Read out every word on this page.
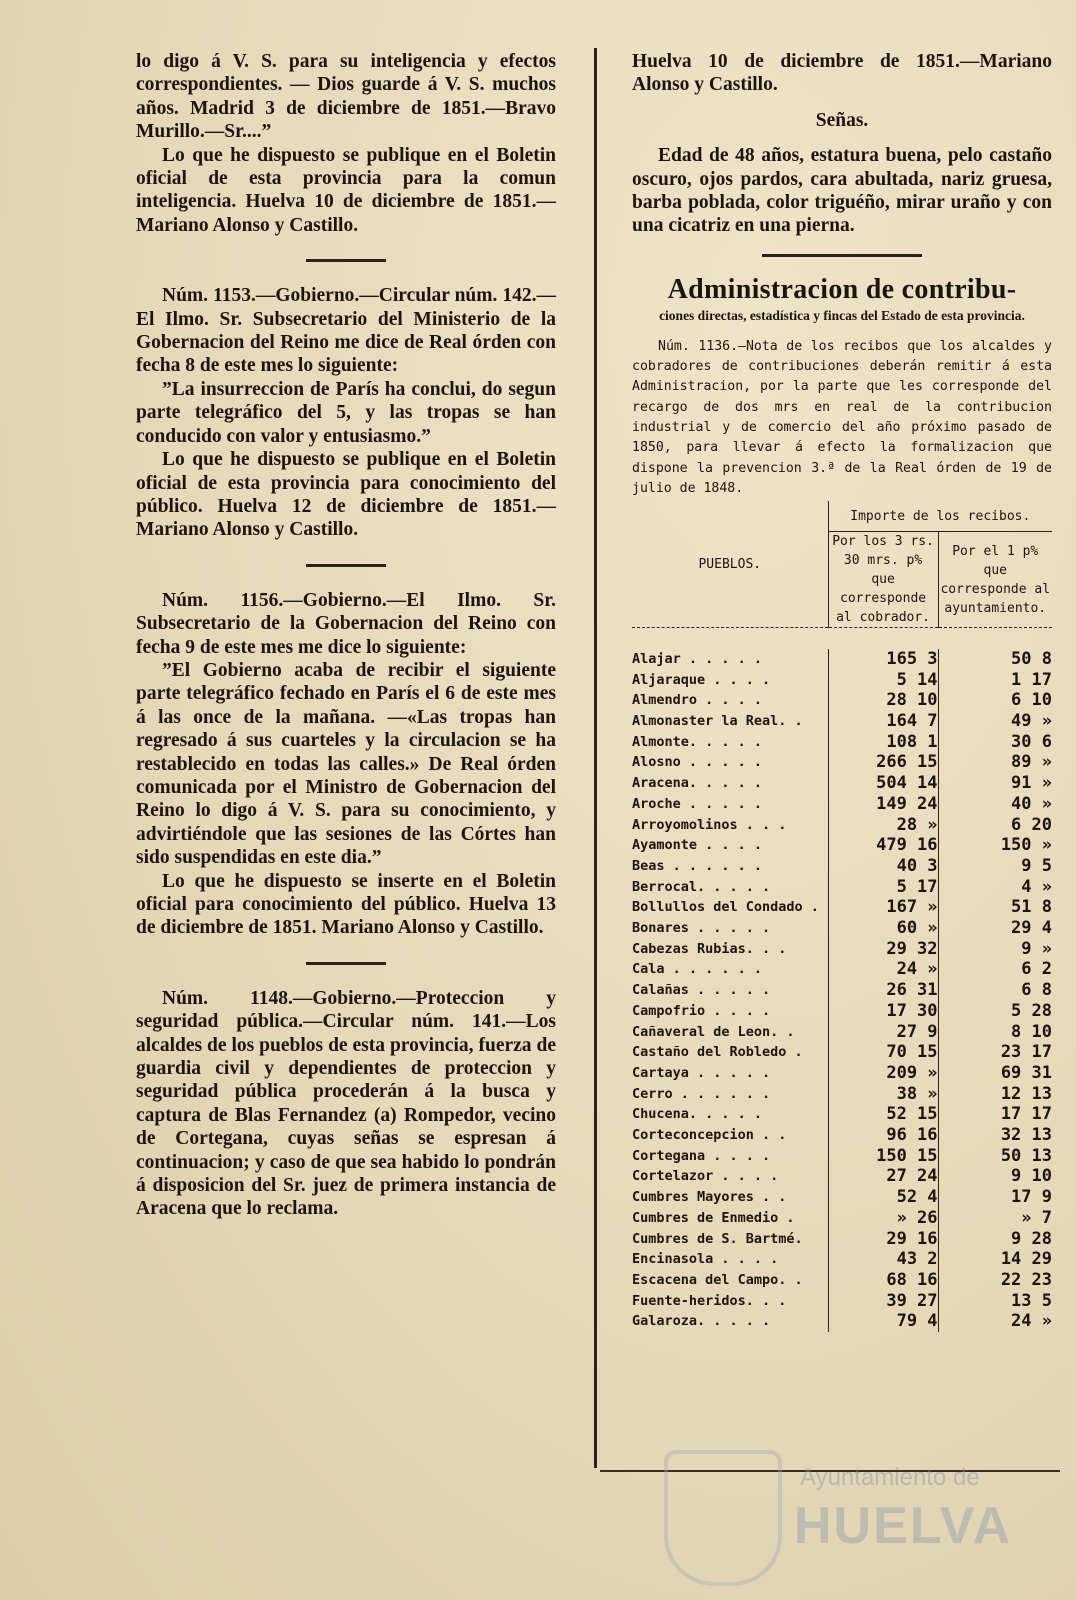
lo digo á V. S. para su inteligencia y efectos correspondientes. — Dios guarde á V. S. muchos años. Madrid 3 de diciembre de 1851.—Bravo Murillo.—Sr....”

Lo que he dispuesto se publique en el Boletin oficial de esta provincia para la comun inteligencia. Huelva 10 de diciembre de 1851.—Mariano Alonso y Castillo.

Núm. 1153.—Gobierno.—Circular núm. 142.—El Ilmo. Sr. Subsecretario del Ministerio de la Gobernacion del Reino me dice de Real órden con fecha 8 de este mes lo siguiente:

”La insurreccion de París ha conclui, do segun parte telegráfico del 5, y las tropas se han conducido con valor y entusiasmo.”

Lo que he dispuesto se publique en el Boletin oficial de esta provincia para conocimiento del público. Huelva 12 de diciembre de 1851.—Mariano Alonso y Castillo.

Núm. 1156.—Gobierno.—El Ilmo. Sr. Subsecretario de la Gobernacion del Reino con fecha 9 de este mes me dice lo siguiente:

”El Gobierno acaba de recibir el siguiente parte telegráfico fechado en París el 6 de este mes á las once de la mañana. —«Las tropas han regresado á sus cuarteles y la circulacion se ha restablecido en todas las calles.» De Real órden comunicada por el Ministro de Gobernacion del Reino lo digo á V. S. para su conocimiento, y advirtiéndole que las sesiones de las Córtes han sido suspendidas en este dia.”

Lo que he dispuesto se inserte en el Boletin oficial para conocimiento del público. Huelva 13 de diciembre de 1851. Mariano Alonso y Castillo.

Núm. 1148.—Gobierno.—Proteccion y seguridad pública.—Circular núm. 141.—Los alcaldes de los pueblos de esta provincia, fuerza de guardia civil y dependientes de proteccion y seguridad pública procederán á la busca y captura de Blas Fernandez (a) Rompedor, vecino de Cortegana, cuyas señas se espresan á continuacion; y caso de que sea habido lo pondrán á disposicion del Sr. juez de primera instancia de Aracena que lo reclama.

Huelva 10 de diciembre de 1851.—Mariano Alonso y Castillo.

Señas.

Edad de 48 años, estatura buena, pelo castaño oscuro, ojos pardos, cara abultada, nariz gruesa, barba poblada, color triguéño, mirar uraño y con una cicatriz en una pierna.

Administracion de contribu-
ciones directas, estadística y fincas del Estado de esta provincia.

Núm. 1136.—Nota de los recibos que los alcaldes y cobradores de contribuciones deberán remitir á esta Administracion, por la parte que les corresponde del recargo de dos mrs en real de la contribucion industrial y de comercio del año próximo pasado de 1850, para llevar á efecto la formalizacion que dispone la prevencion 3.ª de la Real órden de 19 de julio de 1848.

PUEBLOS.	Importe de los recibos.	
	Por los 3 rs. 30 mrs. p% que corresponde al cobrador.	Por el 1 p% que corresponde al ayuntamiento.

Alajar . . . . .	165 3	50 8
Aljaraque . . . .	5 14	1 17
Almendro . . . .	28 10	6 10
Almonaster la Real. .	164 7	49 »
Almonte. . . . .	108 1	30 6
Alosno . . . . .	266 15	89 »
Aracena. . . . .	504 14	91 »
Aroche . . . . .	149 24	40 »
Arroyomolinos . . .	28 »	6 20
Ayamonte . . . .	479 16	150 »
Beas . . . . . .	40 3	9 5
Berrocal. . . . .	5 17	4 »
Bollullos del Condado .	167 »	51 8
Bonares . . . . .	60 »	29 4
Cabezas Rubias. . .	29 32	9 »
Cala . . . . . .	24 »	6 2
Calañas . . . . .	26 31	6 8
Campofrio . . . .	17 30	5 28
Cañaveral de Leon. .	27 9	8 10
Castaño del Robledo .	70 15	23 17
Cartaya . . . . .	209 »	69 31
Cerro . . . . . .	38 »	12 13
Chucena. . . . .	52 15	17 17
Corteconcepcion . .	96 16	32 13
Cortegana . . . .	150 15	50 13
Cortelazor . . . .	27 24	9 10
Cumbres Mayores . .	52 4	17 9
Cumbres de Enmedio .	» 26	» 7
Cumbres de S. Bartmé.	29 16	9 28
Encinasola . . . .	43 2	14 29
Escacena del Campo. .	68 16	22 23
Fuente-heridos. . .	39 27	13 5
Galaroza. . . . .	79 4	24 »
Ayuntamiento de
HUELVA
